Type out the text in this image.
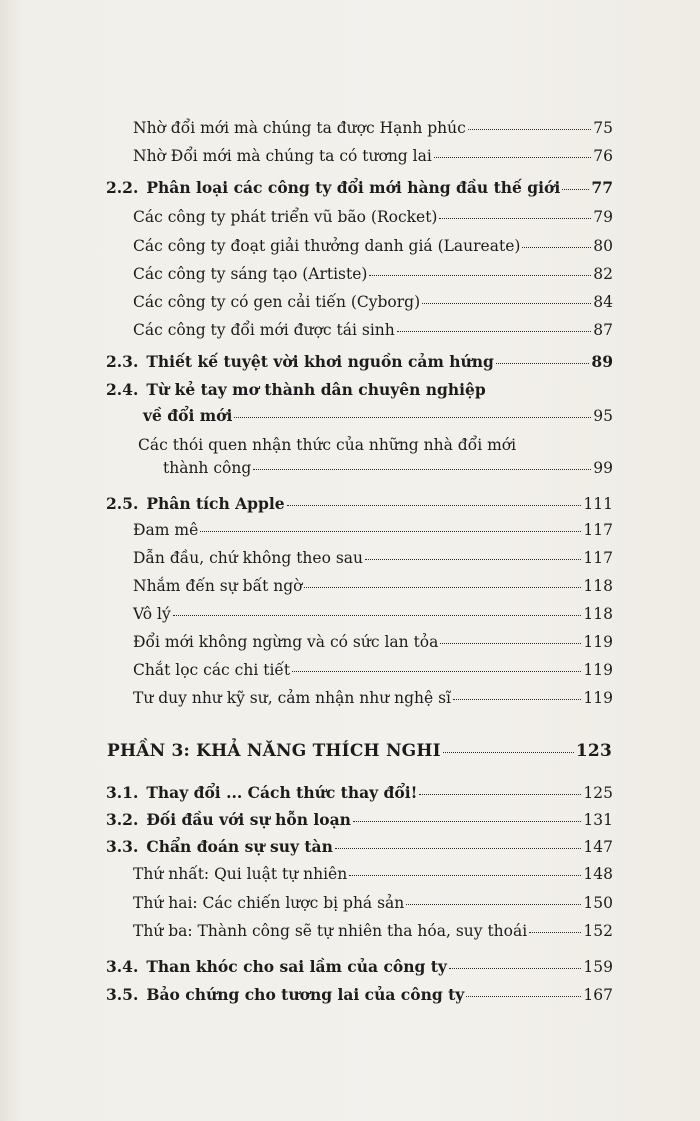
Nhờ đổi mới mà chúng ta được Hạnh phúc	75
Nhờ Đổi mới mà chúng ta có tương lai	76
2.2. Phân loại các công ty đổi mới hàng đầu thế giới 77
Các công ty phát triển vũ bão (Rocket)	79
Các công ty đoạt giải thưởng danh giá (Laureate)	80
Các công ty sáng tạo (Artiste)	82
Các công ty có gen cải tiến (Cyborg)	84
Các công ty đổi mới được tái sinh	87
2.3. Thiết kế tuyệt vời khơi nguồn cảm hứng	89
2.4. Từ kẻ tay mơ thành dân chuyên nghiệp
về đổi mới	95
Các thói quen nhận thức của những nhà đổi mới
thành công	99
2.5. Phân tích Apple	111
Đam mê	117
Dẫn đầu, chứ không theo sau	117
Nhắm đến sự bất ngờ	118
Vô lý	118
Đổi mới không ngừng và có sức lan tỏa	119
Chắt lọc các chi tiết	119
Tư duy như kỹ sư, cảm nhận như nghệ sĩ	119
PHẦN 3: KHẢ NĂNG THÍCH NGHI	123
3.1. Thay đổi ... Cách thức thay đổi!	125
3.2. Đối đầu với sự hỗn loạn	131
3.3. Chẩn đoán sự suy tàn	147
Thứ nhất: Qui luật tự nhiên	148
Thứ hai: Các chiến lược bị phá sản	150
Thứ ba: Thành công sẽ tự nhiên tha hóa, suy thoái	152
3.4. Than khóc cho sai lầm của công ty	159
3.5. Bảo chứng cho tương lai của công ty	167
